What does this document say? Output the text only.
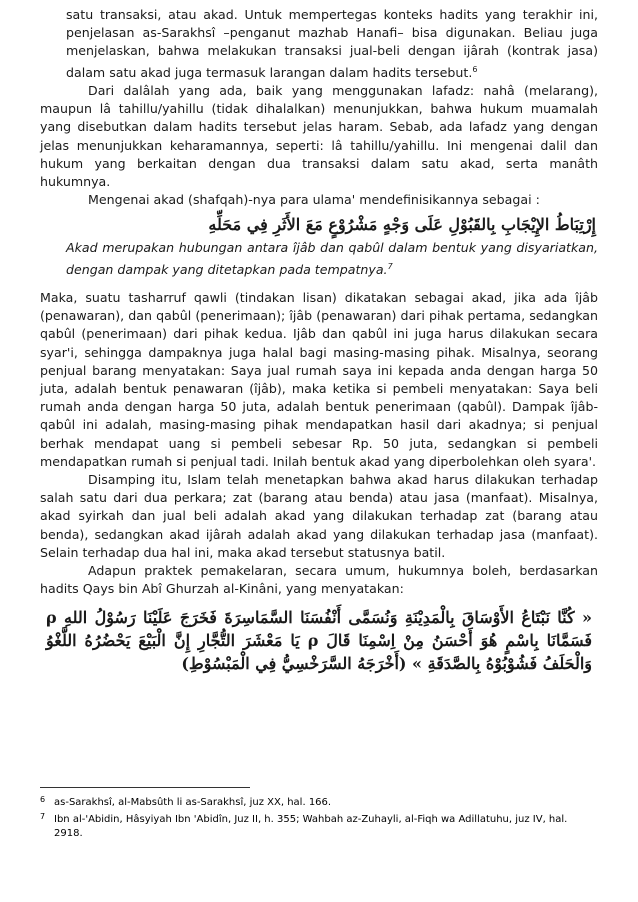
satu transaksi, atau akad. Untuk mempertegas konteks hadits yang terakhir ini, penjelasan as-Sarakhsî –penganut mazhab Hanafi– bisa digunakan. Beliau juga menjelaskan, bahwa melakukan transaksi jual-beli dengan ijârah (kontrak jasa) dalam satu akad juga termasuk larangan dalam hadits tersebut.$^6$

Dari dalâlah yang ada, baik yang menggunakan lafadz: nahâ (melarang), maupun lâ tahillu/yahillu (tidak dihalalkan) menunjukkan, bahwa hukum muamalah yang disebutkan dalam hadits tersebut jelas haram. Sebab, ada lafadz yang dengan jelas menunjukkan keharamannya, seperti: lâ tahillu/yahillu. Ini mengenai dalil dan hukum yang berkaitan dengan dua transaksi dalam satu akad, serta manâth hukumnya.

Mengenai akad (shafqah)-nya para ulama' mendefinisikannya sebagai :

إِرْتِبَاطُ الإِيْجَابِ بِالقَبُوْلِ عَلَى وَجْهٍ مَشْرُوْعٍ مَعَ الأَثَرِ فِي مَحَلِّهِ

Akad merupakan hubungan antara îjâb dan qabûl dalam bentuk yang disyariatkan, dengan dampak yang ditetapkan pada tempatnya.$^7$

Maka, suatu tasharruf qawli (tindakan lisan) dikatakan sebagai akad, jika ada îjâb (penawaran), dan qabûl (penerimaan); îjâb (penawaran) dari pihak pertama, sedangkan qabûl (penerimaan) dari pihak kedua. Ijâb dan qabûl ini juga harus dilakukan secara syar'i, sehingga dampaknya juga halal bagi masing-masing pihak. Misalnya, seorang penjual barang menyatakan: Saya jual rumah saya ini kepada anda dengan harga 50 juta, adalah bentuk penawaran (îjâb), maka ketika si pembeli menyatakan: Saya beli rumah anda dengan harga 50 juta, adalah bentuk penerimaan (qabûl). Dampak îjâb-qabûl ini adalah, masing-masing pihak mendapatkan hasil dari akadnya; si penjual berhak mendapat uang si pembeli sebesar Rp. 50 juta, sedangkan si pembeli mendapatkan rumah si penjual tadi. Inilah bentuk akad yang diperbolehkan oleh syara'.

Disamping itu, Islam telah menetapkan bahwa akad harus dilakukan terhadap salah satu dari dua perkara; zat (barang atau benda) atau jasa (manfaat). Misalnya, akad syirkah dan jual beli adalah akad yang dilakukan terhadap zat (barang atau benda), sedangkan akad ijârah adalah akad yang dilakukan terhadap jasa (manfaat). Selain terhadap dua hal ini, maka akad tersebut statusnya batil.

Adapun praktek pemakelaran, secara umum, hukumnya boleh, berdasarkan hadits Qays bin Abî Ghurzah al-Kinâni, yang menyatakan:

« كُنَّا نَبْتَاعُ الأَوْسَاقَ بِالْمَدِيْنَةِ وَنُسَمَّى أَنْفُسَنَا السَّمَاسِرَةَ فَخَرَجَ عَلَيْنَا رَسُوْلُ اللهِ ρ فَسَمَّانَا بِاسْمٍ هُوَ أَحْسَنُ مِنْ اِسْمِنَا قَالَ ρ يَا مَعْشَرَ التُّجَّارِ إِنَّ الْبَيْعَ يَحْضُرُهُ اللَّغْوُ وَالْحَلَفُ فَشُوْبُوْهُ بِالصَّدَقَةِ » (أَخْرَجَهُ السَّرَخْسِيُّ فِي الْمَبْسُوْطِ)

6 as-Sarakhsî, al-Mabsûth li as-Sarakhsî, juz XX, hal. 166.
7 Ibn al-'Abidin, Hâsyiyah Ibn 'Abidîn, Juz II, h. 355; Wahbah az-Zuhayli, al-Fiqh wa Adillatuhu, juz IV, hal. 2918.
